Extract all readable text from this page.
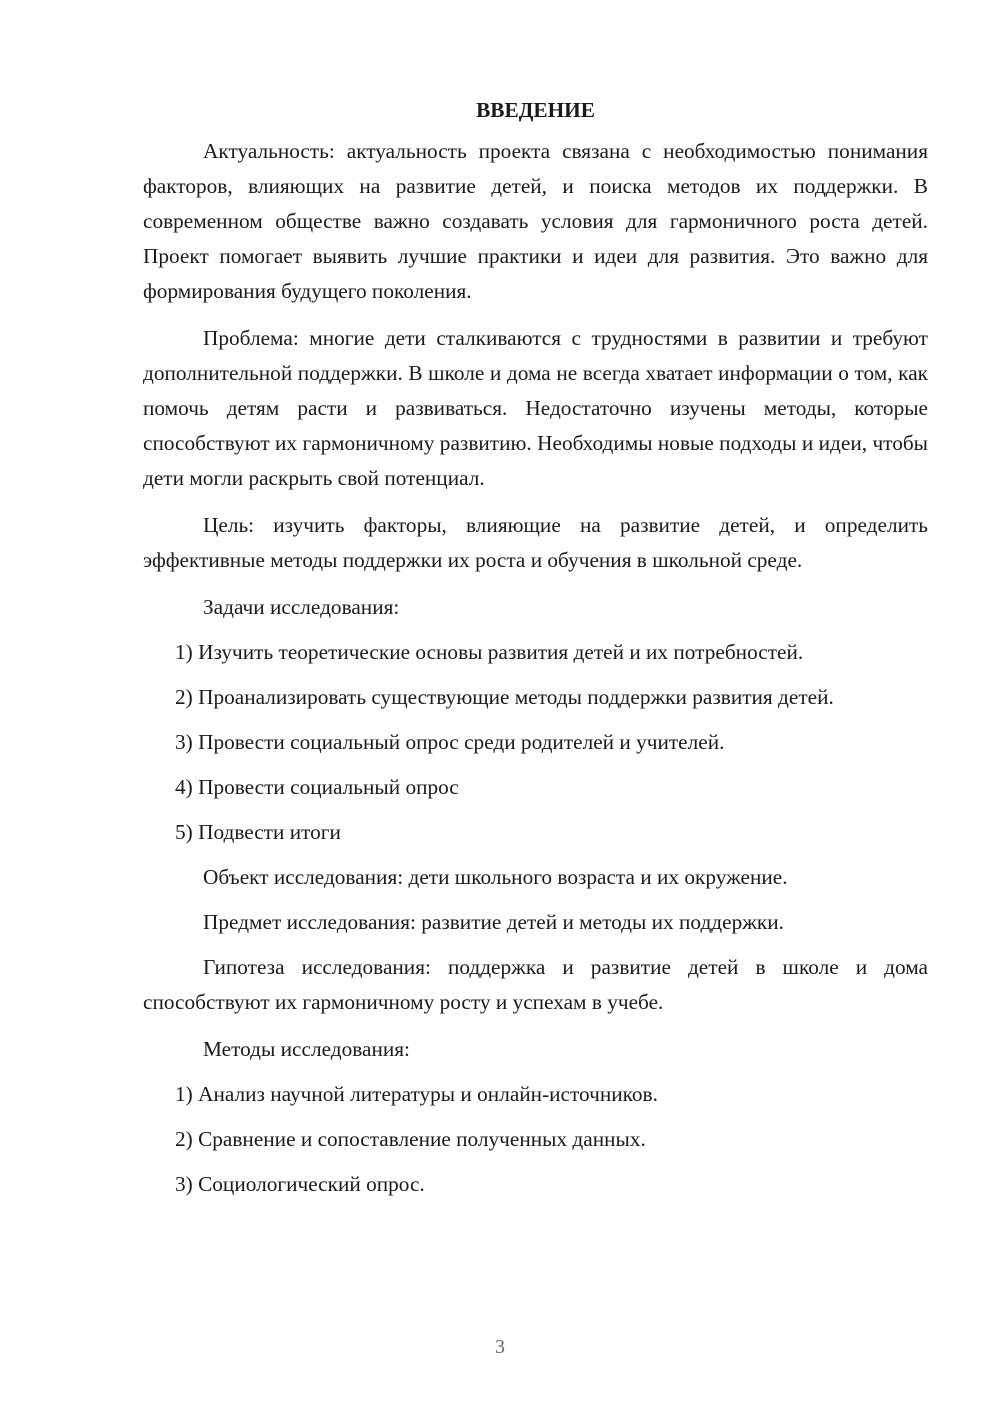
ВВЕДЕНИЕ

Актуальность: актуальность проекта связана с необходимостью понимания факторов, влияющих на развитие детей, и поиска методов их поддержки. В современном обществе важно создавать условия для гармоничного роста детей. Проект помогает выявить лучшие практики и идеи для развития. Это важно для формирования будущего поколения.

Проблема: многие дети сталкиваются с трудностями в развитии и требуют дополнительной поддержки. В школе и дома не всегда хватает информации о том, как помочь детям расти и развиваться. Недостаточно изучены методы, которые способствуют их гармоничному развитию. Необходимы новые подходы и идеи, чтобы дети могли раскрыть свой потенциал.

Цель: изучить факторы, влияющие на развитие детей, и определить эффективные методы поддержки их роста и обучения в школьной среде.

Задачи исследования:

1) Изучить теоретические основы развития детей и их потребностей.

2) Проанализировать существующие методы поддержки развития детей.

3) Провести социальный опрос среди родителей и учителей.

4) Провести социальный опрос

5) Подвести итоги

Объект исследования: дети школьного возраста и их окружение.

Предмет исследования: развитие детей и методы их поддержки.

Гипотеза исследования: поддержка и развитие детей в школе и дома способствуют их гармоничному росту и успехам в учебе.

Методы исследования:

1) Анализ научной литературы и онлайн-источников.

2) Сравнение и сопоставление полученных данных.

3) Социологический опрос.

3
